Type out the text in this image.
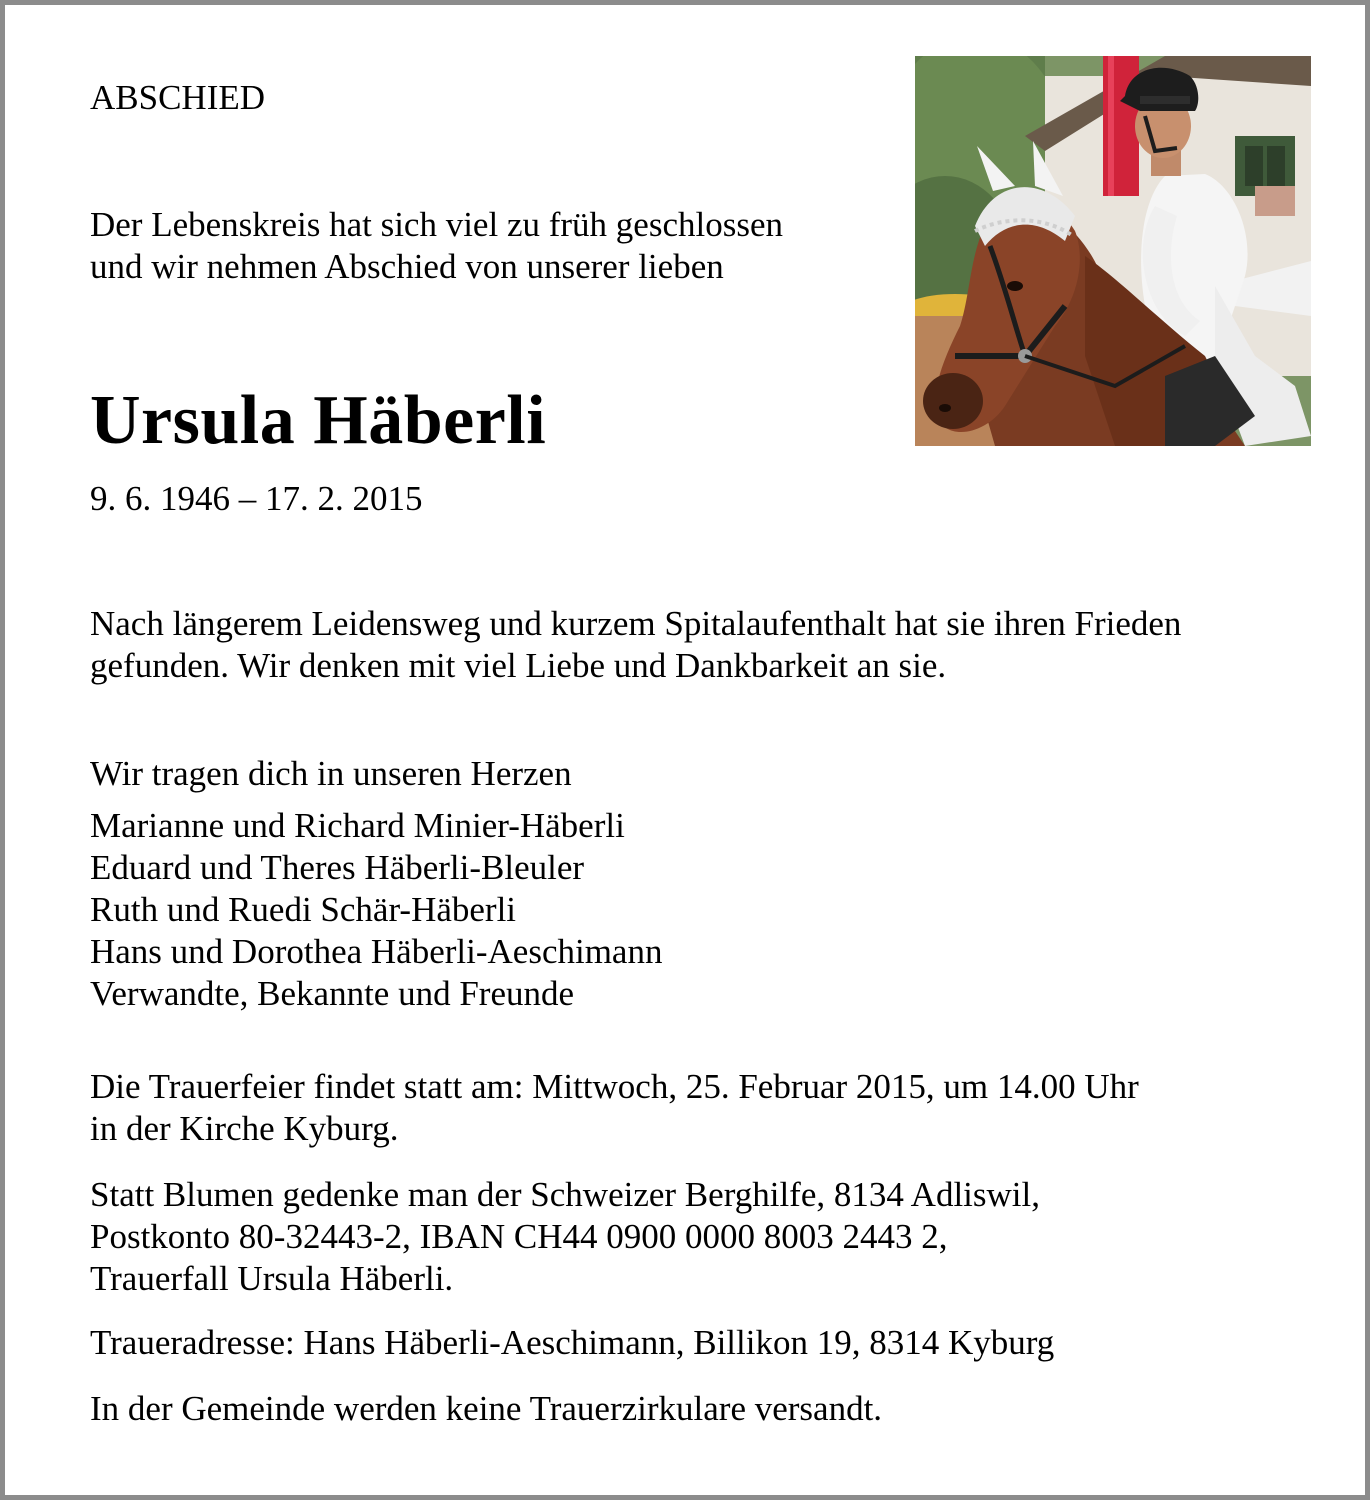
ABSCHIED
Der Lebenskreis hat sich viel zu früh geschlossen
und wir nehmen Abschied von unserer lieben
Ursula Häberli
9. 6. 1946 – 17. 2. 2015
Nach längerem Leidensweg und kurzem Spitalaufenthalt hat sie ihren Frieden
gefunden. Wir denken mit viel Liebe und Dankbarkeit an sie.
Wir tragen dich in unseren Herzen
Marianne und Richard Minier-Häberli
Eduard und Theres Häberli-Bleuler
Ruth und Ruedi Schär-Häberli
Hans und Dorothea Häberli-Aeschimann
Verwandte, Bekannte und Freunde
Die Trauerfeier findet statt am: Mittwoch, 25. Februar 2015, um 14.00 Uhr
in der Kirche Kyburg.
Statt Blumen gedenke man der Schweizer Berghilfe, 8134 Adliswil,
Postkonto 80-32443-2, IBAN CH44 0900 0000 8003 2443 2,
Trauerfall Ursula Häberli.
Traueradresse: Hans Häberli-Aeschimann, Billikon 19, 8314 Kyburg
In der Gemeinde werden keine Trauerzirkulare versandt.
